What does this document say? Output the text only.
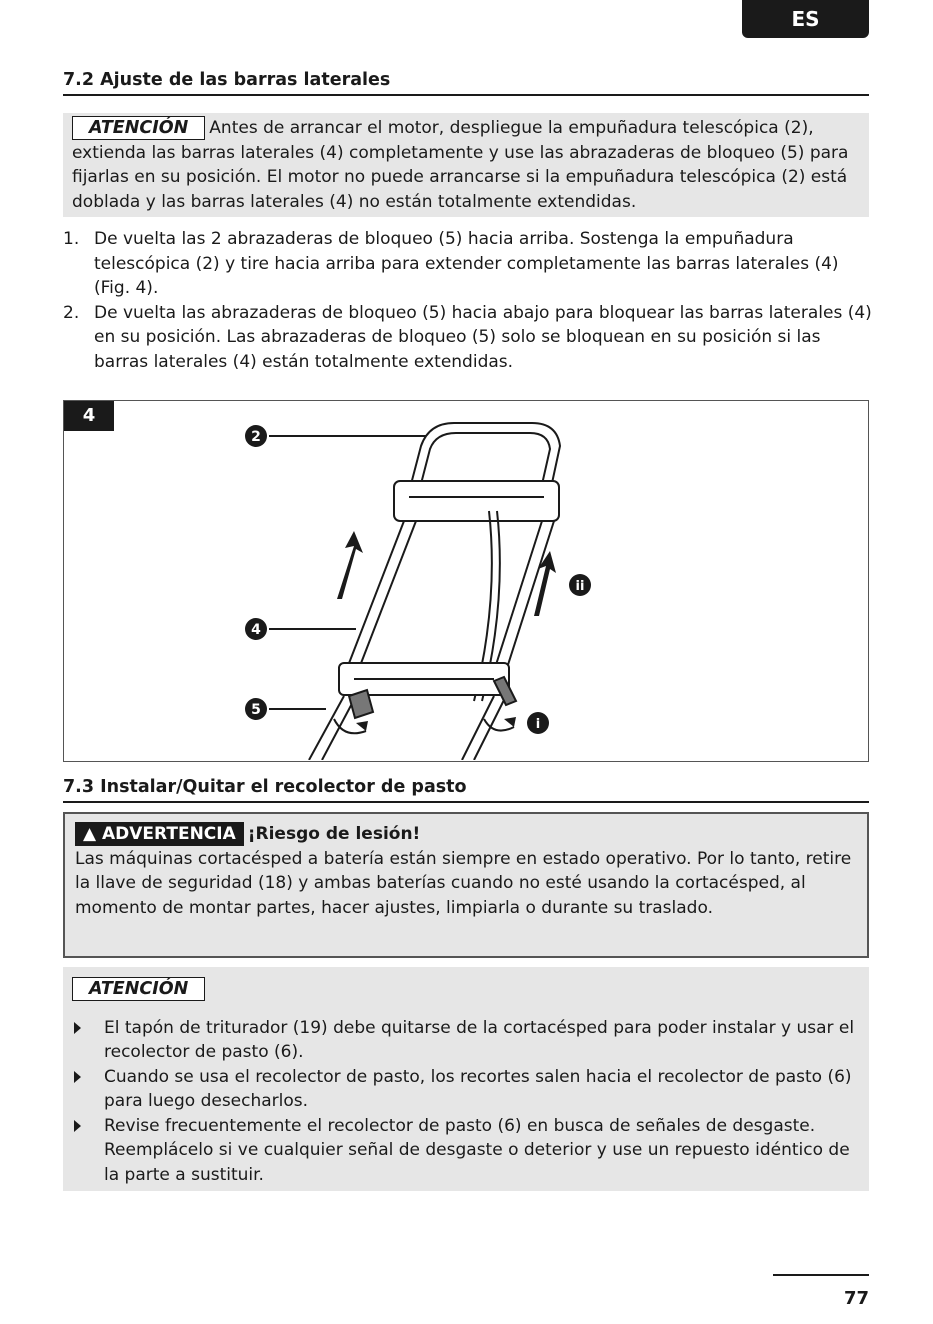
ES
7.2 Ajuste de las barras laterales
ATENCIÓN Antes de arrancar el motor, despliegue la empuñadura telescópica (2), extienda las barras laterales (4) completamente y use las abrazaderas de bloqueo (5) para fijarlas en su posición. El motor no puede arrancarse si la empuñadura telescópica (2) está doblada y las barras laterales (4) no están totalmente extendidas.
1. De vuelta las 2 abrazaderas de bloqueo (5) hacia arriba. Sostenga la empuñadura telescópica (2) y tire hacia arriba para extender completamente las barras laterales (4) (Fig. 4).
2. De vuelta las abrazaderas de bloqueo (5) hacia abajo para bloquear las barras laterales (4) en su posición. Las abrazaderas de bloqueo (5) solo se bloquean en su posición si las barras laterales (4) están totalmente extendidas.
4
2
4
5
ii
i
7.3 Instalar/Quitar el recolector de pasto
▲ ADVERTENCIA ¡Riesgo de lesión!
Las máquinas cortacésped a batería están siempre en estado operativo. Por lo tanto, retire la llave de seguridad (18) y ambas baterías cuando no esté usando la cortacésped, al momento de montar partes, hacer ajustes, limpiarla o durante su traslado.
ATENCIÓN
El tapón de triturador (19) debe quitarse de la cortacésped para poder instalar y usar el recolector de pasto (6).
Cuando se usa el recolector de pasto, los recortes salen hacia el recolector de pasto (6) para luego desecharlos.
Revise frecuentemente el recolector de pasto (6) en busca de señales de desgaste. Reemplácelo si ve cualquier señal de desgaste o deterior y use un repuesto idéntico de la parte a sustituir.
77
